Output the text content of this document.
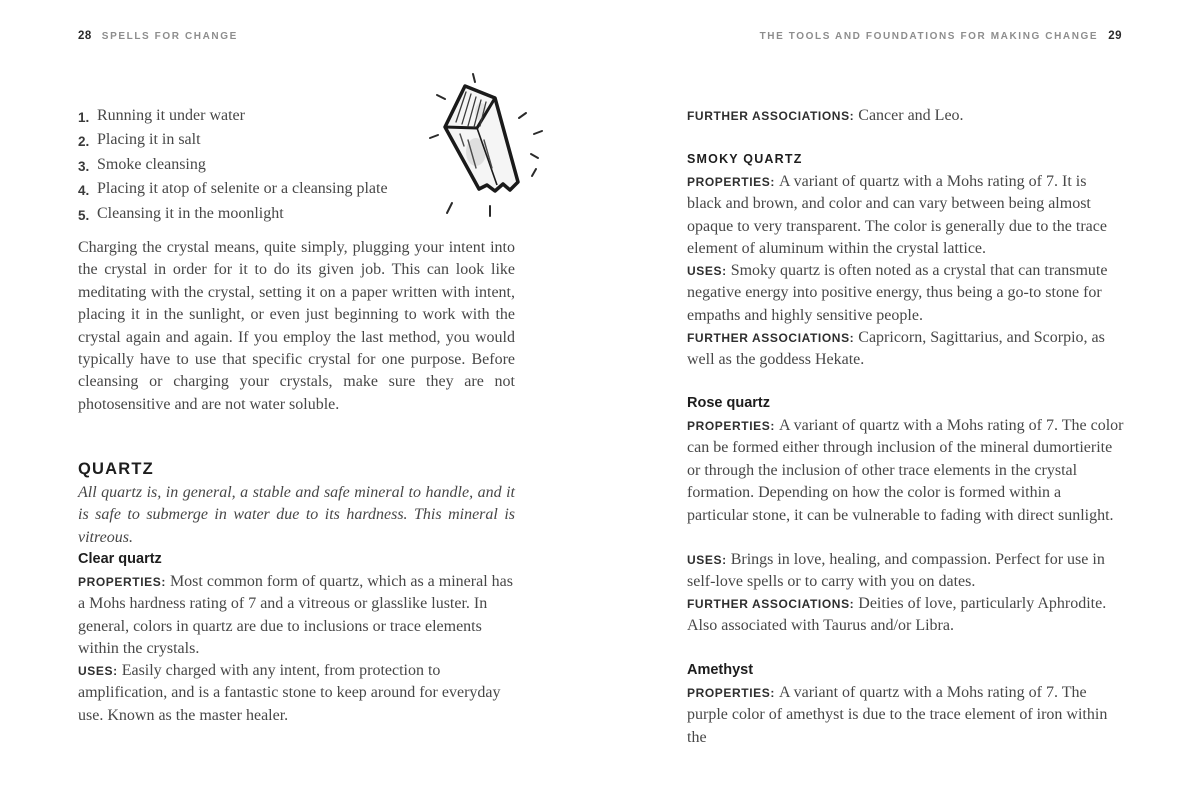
28 SPELLS FOR CHANGE
1. Running it under water
2. Placing it in salt
3. Smoke cleansing
4. Placing it atop of selenite or a cleansing plate
5. Cleansing it in the moonlight

Charging the crystal means, quite simply, plugging your intent into the crystal in order for it to do its given job. This can look like meditating with the crystal, setting it on a paper written with intent, placing it in the sunlight, or even just beginning to work with the crystal again and again. If you employ the last method, you would typically have to use that specific crystal for one purpose. Before cleansing or charging your crystals, make sure they are not photosensitive and are not water soluble.

QUARTZ

All quartz is, in general, a stable and safe mineral to handle, and it is safe to submerge in water due to its hardness. This mineral is vitreous.

Clear quartz

PROPERTIES: Most common form of quartz, which as a mineral has a Mohs hardness rating of 7 and a vitreous or glasslike luster. In general, colors in quartz are due to inclusions or trace elements within the crystals.

USES: Easily charged with any intent, from protection to amplification, and is a fantastic stone to keep around for everyday use. Known as the master healer.

THE TOOLS AND FOUNDATIONS FOR MAKING CHANGE 29

FURTHER ASSOCIATIONS: Cancer and Leo.

SMOKY QUARTZ

PROPERTIES: A variant of quartz with a Mohs rating of 7. It is black and brown, and color and can vary between being almost opaque to very transparent. The color is generally due to the trace element of aluminum within the crystal lattice.

USES: Smoky quartz is often noted as a crystal that can transmute negative energy into positive energy, thus being a go-to stone for empaths and highly sensitive people.

FURTHER ASSOCIATIONS: Capricorn, Sagittarius, and Scorpio, as well as the goddess Hekate.

Rose quartz

PROPERTIES: A variant of quartz with a Mohs rating of 7. The color can be formed either through inclusion of the mineral dumortierite or through the inclusion of other trace elements in the crystal formation. Depending on how the color is formed within a particular stone, it can be vulnerable to fading with direct sunlight.

USES: Brings in love, healing, and compassion. Perfect for use in self-love spells or to carry with you on dates.

FURTHER ASSOCIATIONS: Deities of love, particularly Aphrodite. Also associated with Taurus and/or Libra.

Amethyst

PROPERTIES: A variant of quartz with a Mohs rating of 7. The purple color of amethyst is due to the trace element of iron within the
